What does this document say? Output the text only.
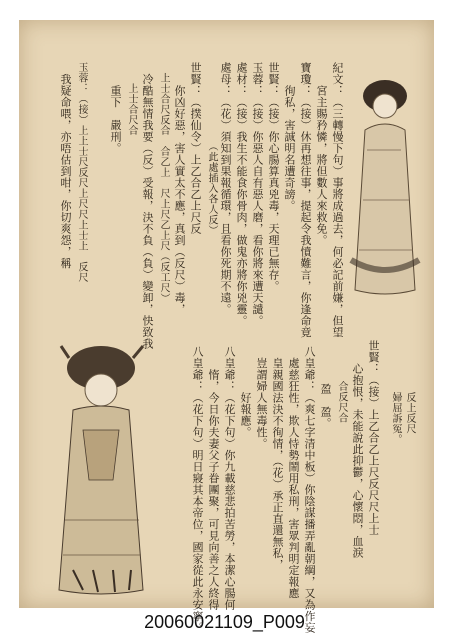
紀文：（三轉慢下句）事將成過去，何必記前嫌，但望
　　宮主賜矜憐，將但數人來救免。
寶瓊：（接）休再想往事，提起令我憤難言，你逢命竟
　　徇私，害誠明名遭奇謗。
世賢：（接）你心腸算真兇毒，天理已無存。
玉蓉：（接）你惡人自有惡人磨，看你將來遭天譴。
處材：（接）我生不能食你骨肉，做鬼亦將你兇靈。
處母：（花）須知到果報循環，且看你死期不遠。
　　　　　　　　（此處插入各人反）
世賢：（撲仙令）上乙合乙上尺反
　　你凶好惡，害人實太不應，真到（反尺）毒，
　上士合尺反合　合乙上　尺上尺乙上尺（反工尺）
　冷酷無情我要（反）受報，決不負（負）變卸，快致我
　　上士合尺合
　　重下　嚴刑。
玉蓉：（接）上上士尺反尺上尺尺上士上　反尺
　我疑命喂，亦唔估到咁，你切爽怨，稱
　　　　反上反尺
　　　　婦屈訴冤。
世賢：（接）上乙合乙上尺反尺尺上士
　　心抱恨，未能說此抑鬱，心懷悶，血淚
　　合反尺合
　　盈　盈。
八皇爺：（花下句）明日寢其本帝位，國家從此永安寧。 　　惰，今日你夫妻父子眷團聚，可見向善之人終得 八皇爺：（花下句）你九載慈悲拍苦勞，本潔心腸何 　　　　好報應。 　豈謂婦人無毒性。 　皇親國法決不徇情，（花）承正直還無私， 　處慈狂性，欺人恃勢鬧用私刑，害眾判明定報應 八皇爺：（爽七字清中板）你陰謀播弄亂朝綱，又為作妄
20060021109_P009
